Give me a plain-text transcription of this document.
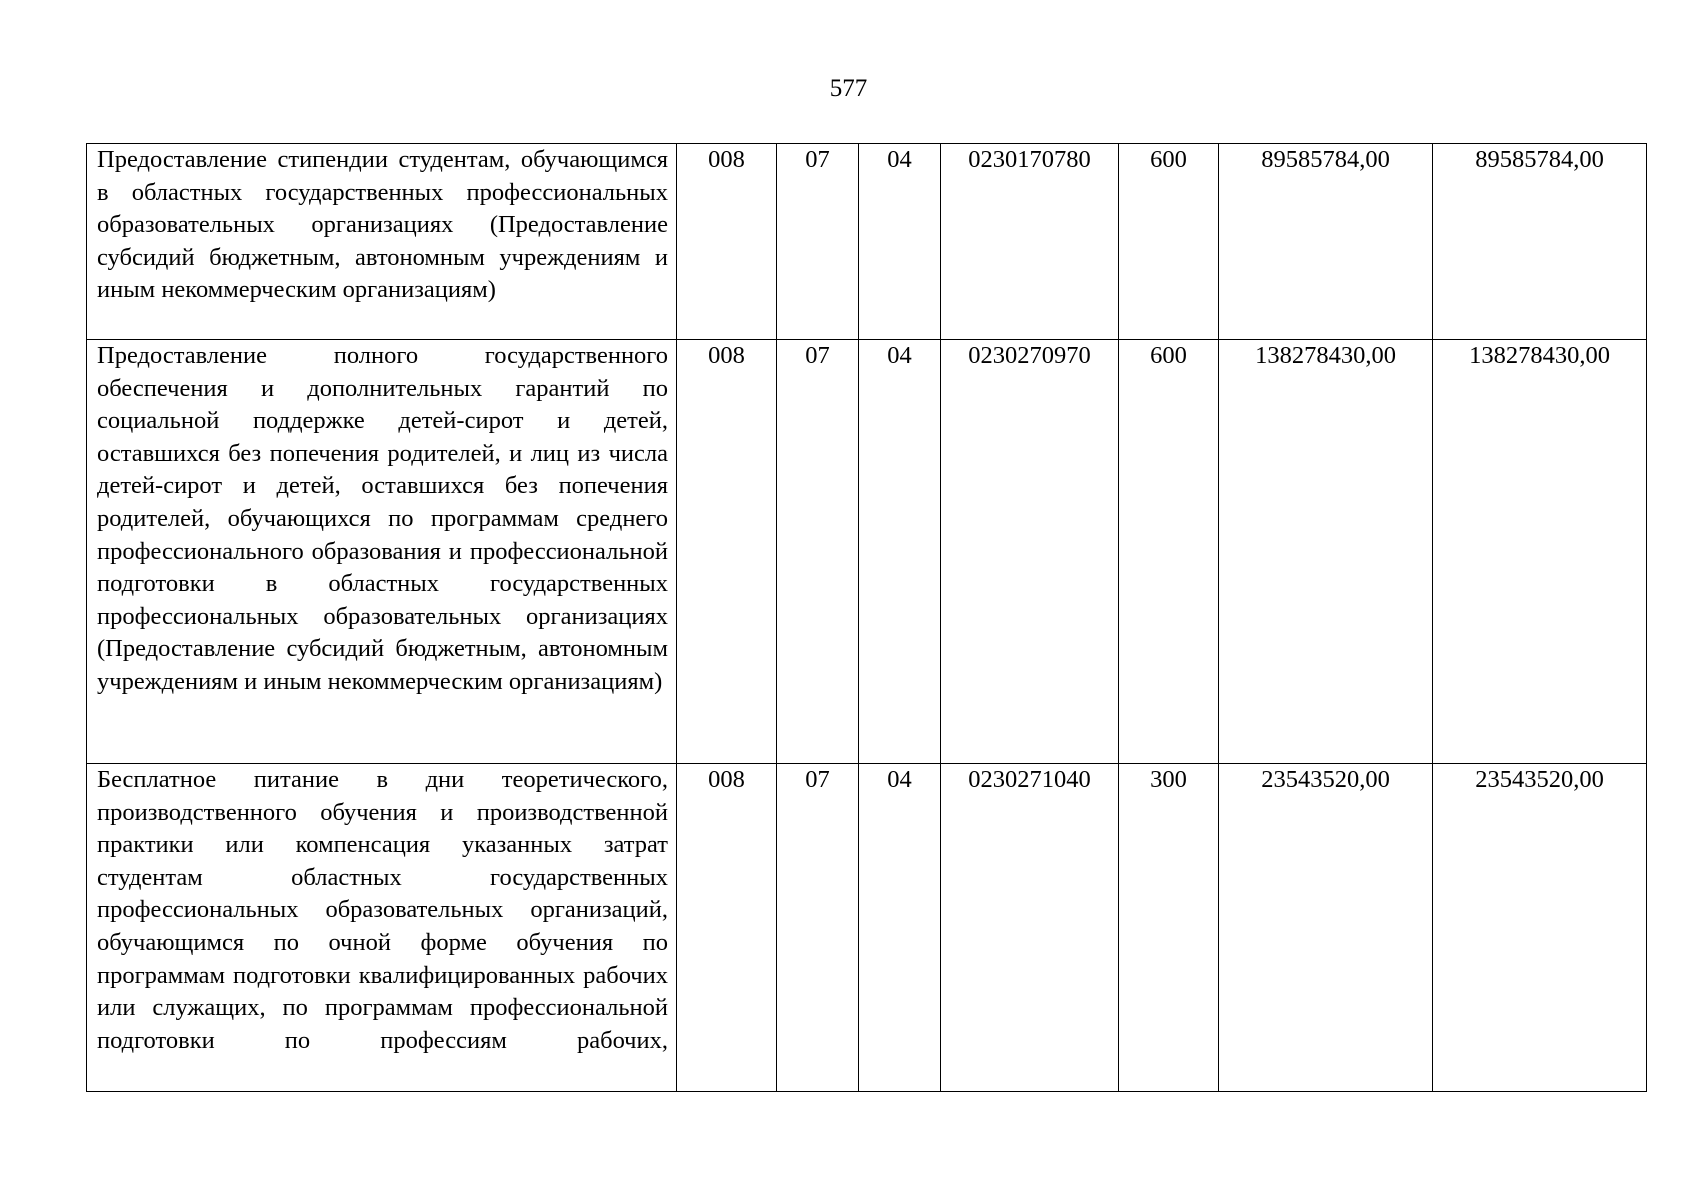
577
Предоставление стипендии студентам, обучающимся в областных государственных профессиональных образовательных организациях (Предоставление субсидий бюджетным, автономным учреждениям и иным некоммерческим организациям)	008	07	04	0230170780	600	89585784,00	89585784,00
Предоставление полного государственного обеспечения и дополнительных гарантий по социальной поддержке детей-сирот и детей, оставшихся без попечения родителей, и лиц из числа детей-сирот и детей, оставшихся без попечения родителей, обучающихся по программам среднего профессионального образования и профессиональной подготовки в областных государственных профессиональных образовательных организациях (Предоставление субсидий бюджетным, автономным учреждениям и иным некоммерческим организациям)	008	07	04	0230270970	600	138278430,00	138278430,00
Бесплатное питание в дни теоретического, производственного обучения и производственной практики или компенсация указанных затрат студентам областных государственных профессиональных образовательных организаций, обучающимся по очной форме обучения по программам подготовки квалифицированных рабочих или служащих, по программам профессиональной подготовки по профессиям рабочих,	008	07	04	0230271040	300	23543520,00	23543520,00
